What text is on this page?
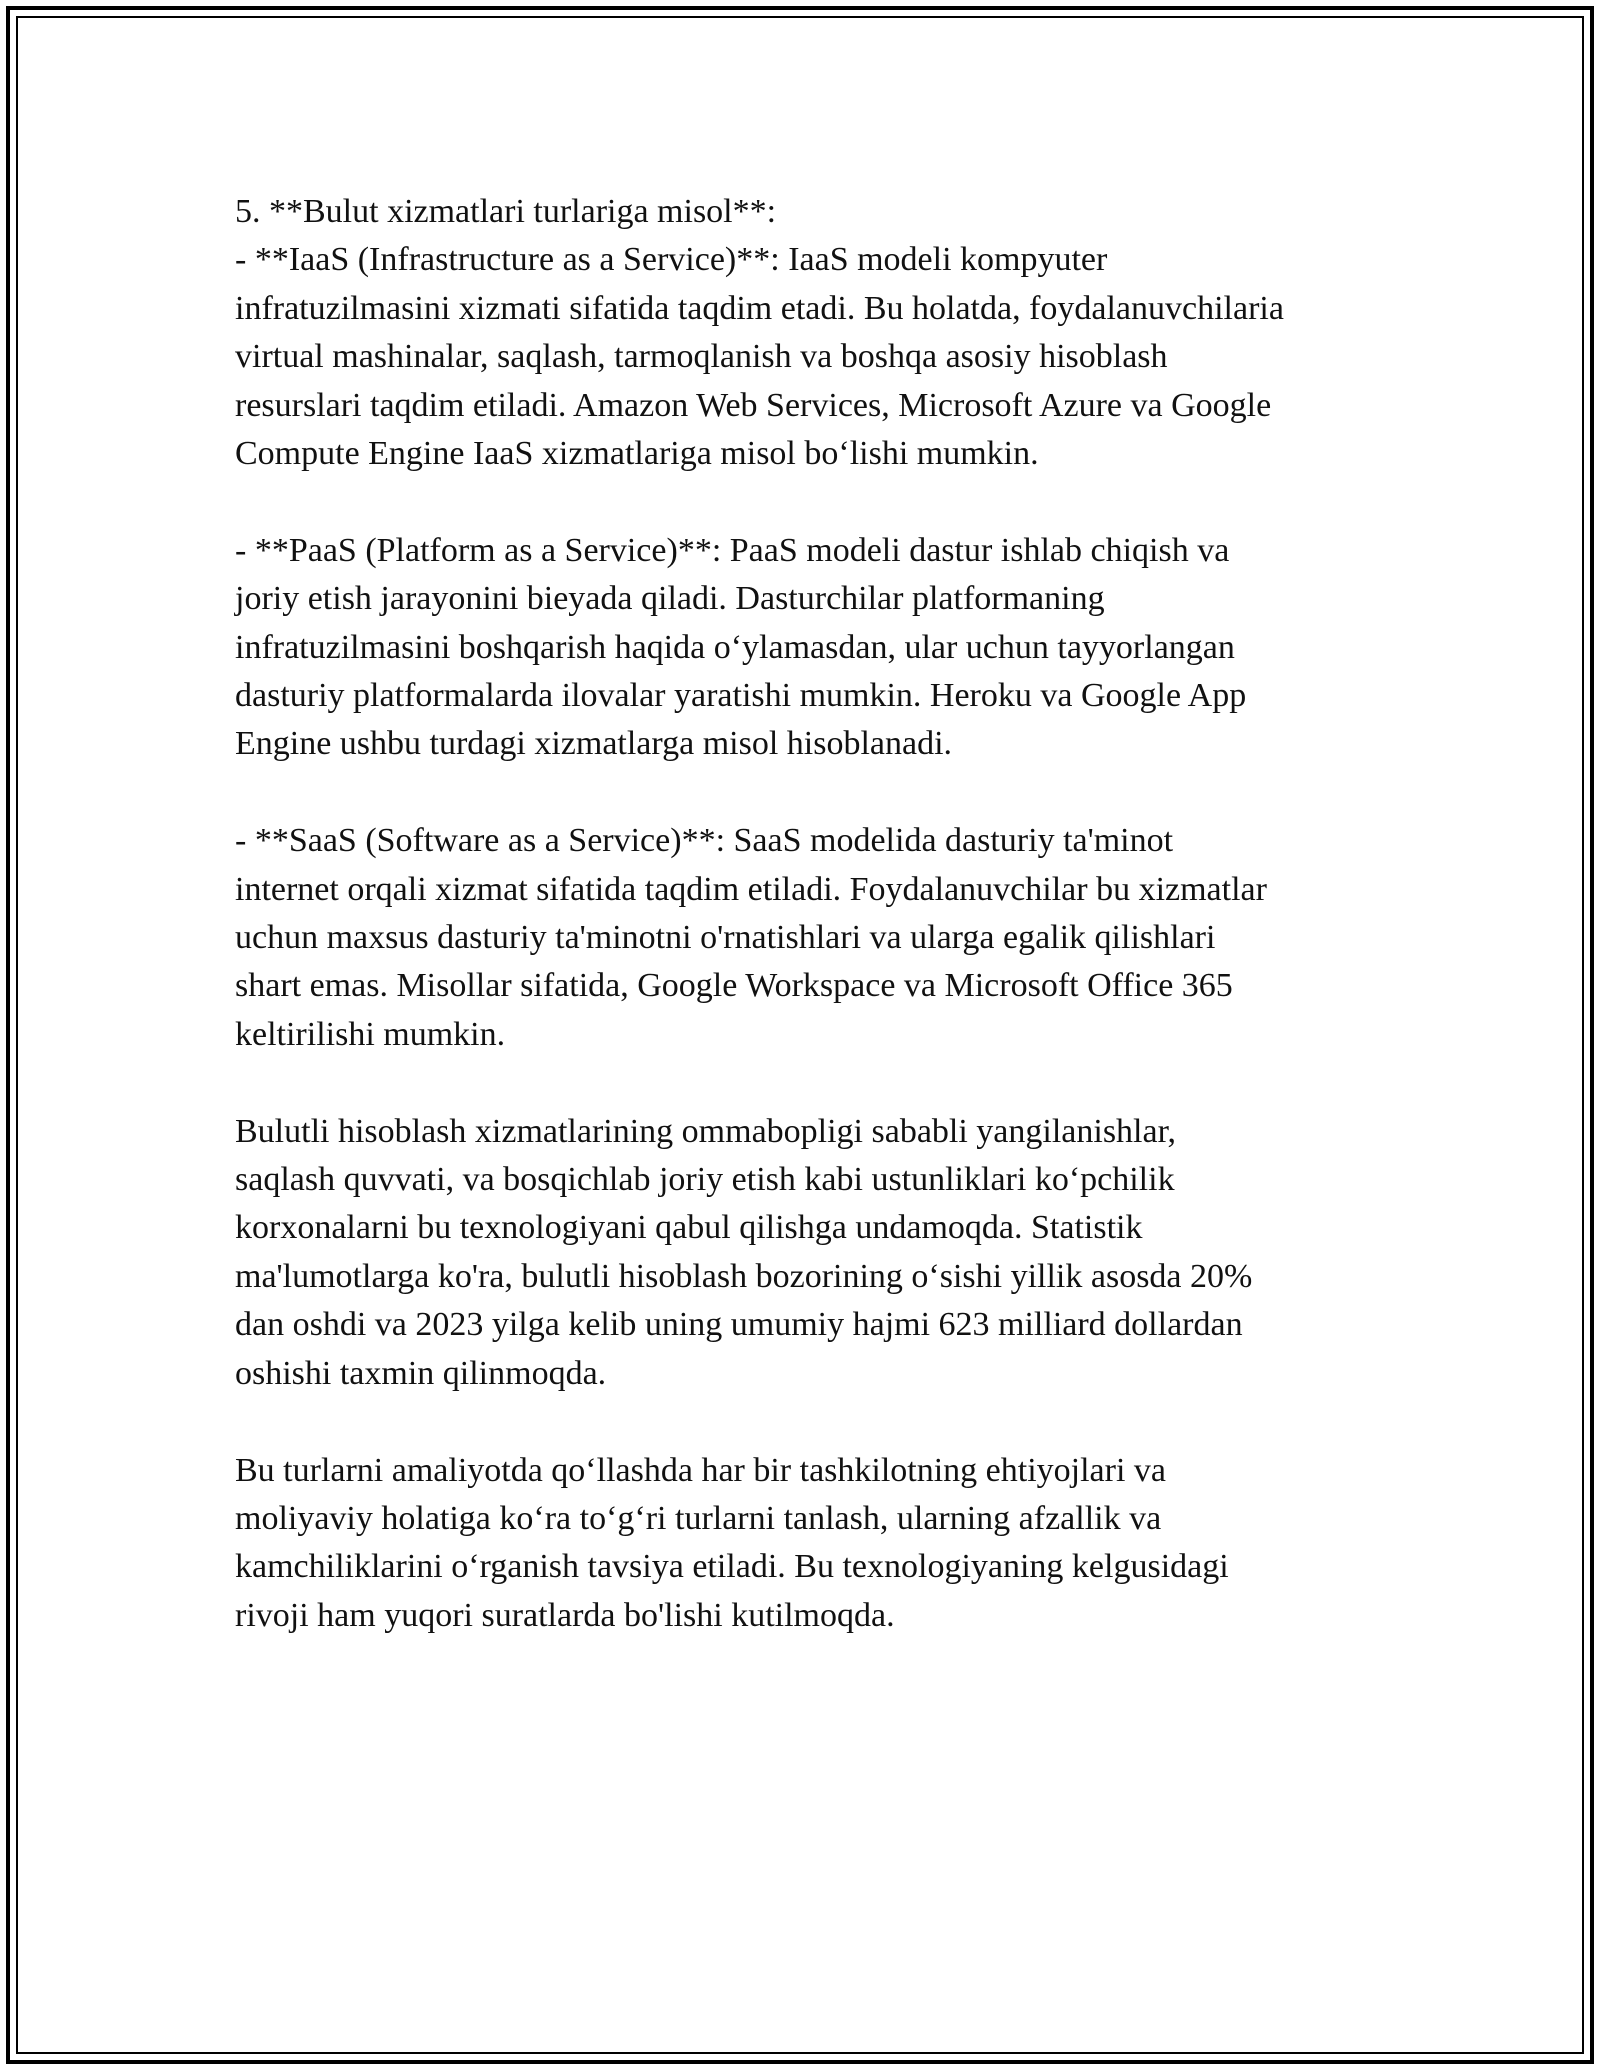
5. **Bulut xizmatlari turlariga misol**:

- **IaaS (Infrastructure as a Service)**: IaaS modeli kompyuter
infratuzilmasini xizmati sifatida taqdim etadi. Bu holatda, foydalanuvchilaria
virtual mashinalar, saqlash, tarmoqlanish va boshqa asosiy hisoblash
resurslari taqdim etiladi. Amazon Web Services, Microsoft Azure va Google
Compute Engine IaaS xizmatlariga misol bo‘lishi mumkin.

- **PaaS (Platform as a Service)**: PaaS modeli dastur ishlab chiqish va
joriy etish jarayonini bieyada qiladi. Dasturchilar platformaning
infratuzilmasini boshqarish haqida o‘ylamasdan, ular uchun tayyorlangan
dasturiy platformalarda ilovalar yaratishi mumkin. Heroku va Google App
Engine ushbu turdagi xizmatlarga misol hisoblanadi.

- **SaaS (Software as a Service)**: SaaS modelida dasturiy ta'minot
internet orqali xizmat sifatida taqdim etiladi. Foydalanuvchilar bu xizmatlar
uchun maxsus dasturiy ta'minotni o'rnatishlari va ularga egalik qilishlari
shart emas. Misollar sifatida, Google Workspace va Microsoft Office 365
keltirilishi mumkin.

Bulutli hisoblash xizmatlarining ommabopligi sababli yangilanishlar,
saqlash quvvati, va bosqichlab joriy etish kabi ustunliklari ko‘pchilik
korxonalarni bu texnologiyani qabul qilishga undamoqda. Statistik
ma'lumotlarga ko'ra, bulutli hisoblash bozorining o‘sishi yillik asosda 20%
dan oshdi va 2023 yilga kelib uning umumiy hajmi 623 milliard dollardan
oshishi taxmin qilinmoqda.

Bu turlarni amaliyotda qo‘llashda har bir tashkilotning ehtiyojlari va
moliyaviy holatiga ko‘ra to‘g‘ri turlarni tanlash, ularning afzallik va
kamchiliklarini o‘rganish tavsiya etiladi. Bu texnologiyaning kelgusidagi
rivoji ham yuqori suratlarda bo'lishi kutilmoqda.
